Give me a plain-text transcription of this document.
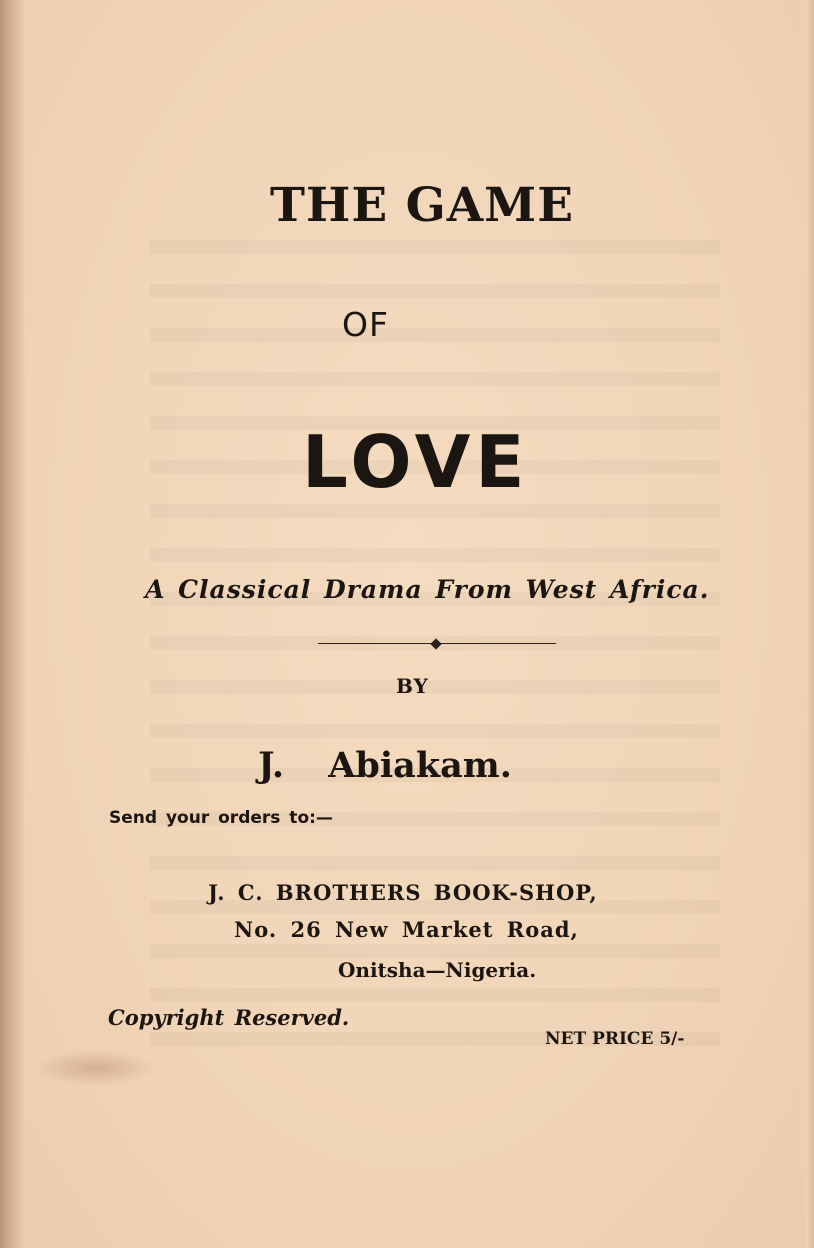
THE GAME
OF
LOVE
A Classical Drama From West Africa.
BY
J. Abiakam.
Send your orders to:—
J. C. BROTHERS BOOK-SHOP,
No. 26 New Market Road,
Onitsha—Nigeria.
Copyright Reserved.
NET PRICE 5/-
